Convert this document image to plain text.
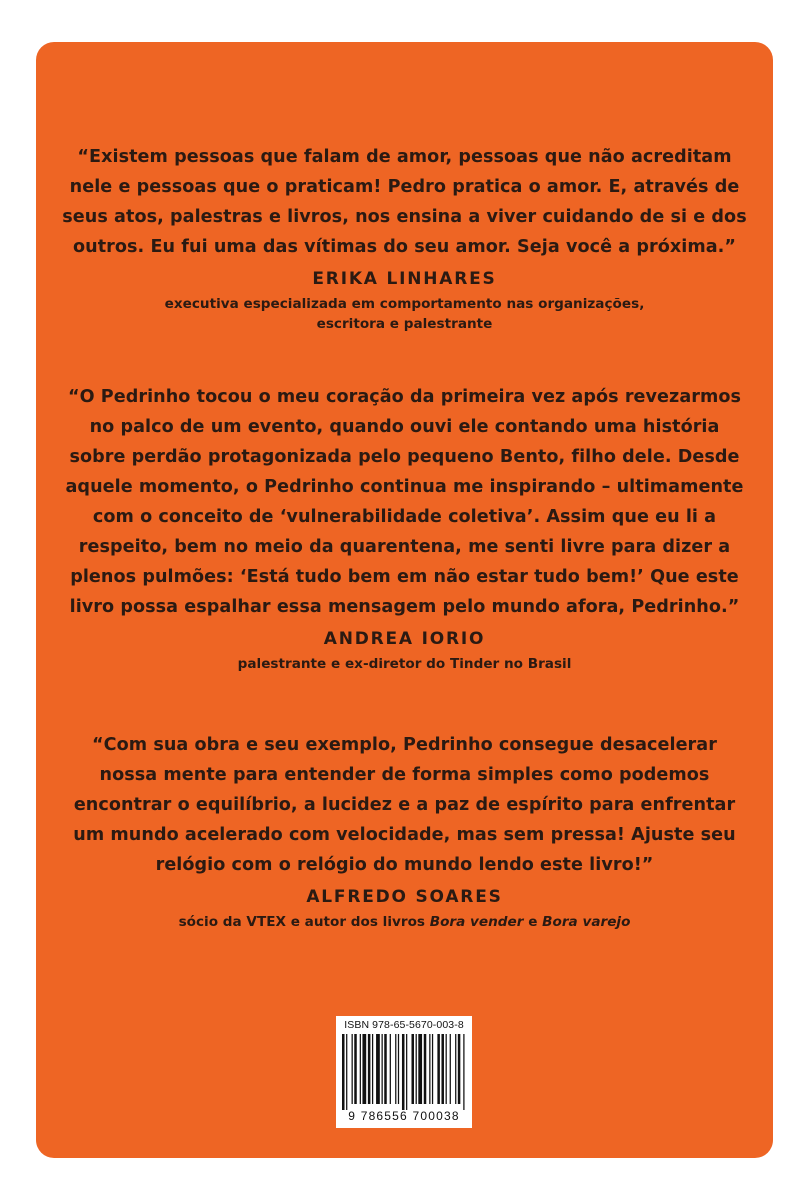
“Existem pessoas que falam de amor, pessoas que não acreditam
nele e pessoas que o praticam! Pedro pratica o amor. E, através de
seus atos, palestras e livros, nos ensina a viver cuidando de si e dos
outros. Eu fui uma das vítimas do seu amor. Seja você a próxima.”

ERIKA LINHARES
executiva especializada em comportamento nas organizações,
escritora e palestrante

“O Pedrinho tocou o meu coração da primeira vez após revezarmos
no palco de um evento, quando ouvi ele contando uma história
sobre perdão protagonizada pelo pequeno Bento, filho dele. Desde
aquele momento, o Pedrinho continua me inspirando – ultimamente
com o conceito de ‘vulnerabilidade coletiva’. Assim que eu li a
respeito, bem no meio da quarentena, me senti livre para dizer a
plenos pulmões: ‘Está tudo bem em não estar tudo bem!’ Que este
livro possa espalhar essa mensagem pelo mundo afora, Pedrinho.”

ANDREA IORIO
palestrante e ex-diretor do Tinder no Brasil

“Com sua obra e seu exemplo, Pedrinho consegue desacelerar
nossa mente para entender de forma simples como podemos
encontrar o equilíbrio, a lucidez e a paz de espírito para enfrentar
um mundo acelerado com velocidade, mas sem pressa! Ajuste seu
relógio com o relógio do mundo lendo este livro!”

ALFREDO SOARES
sócio da VTEX e autor dos livros Bora vender e Bora varejo
ISBN 978-65-5670-003-8
9 786556 700038
